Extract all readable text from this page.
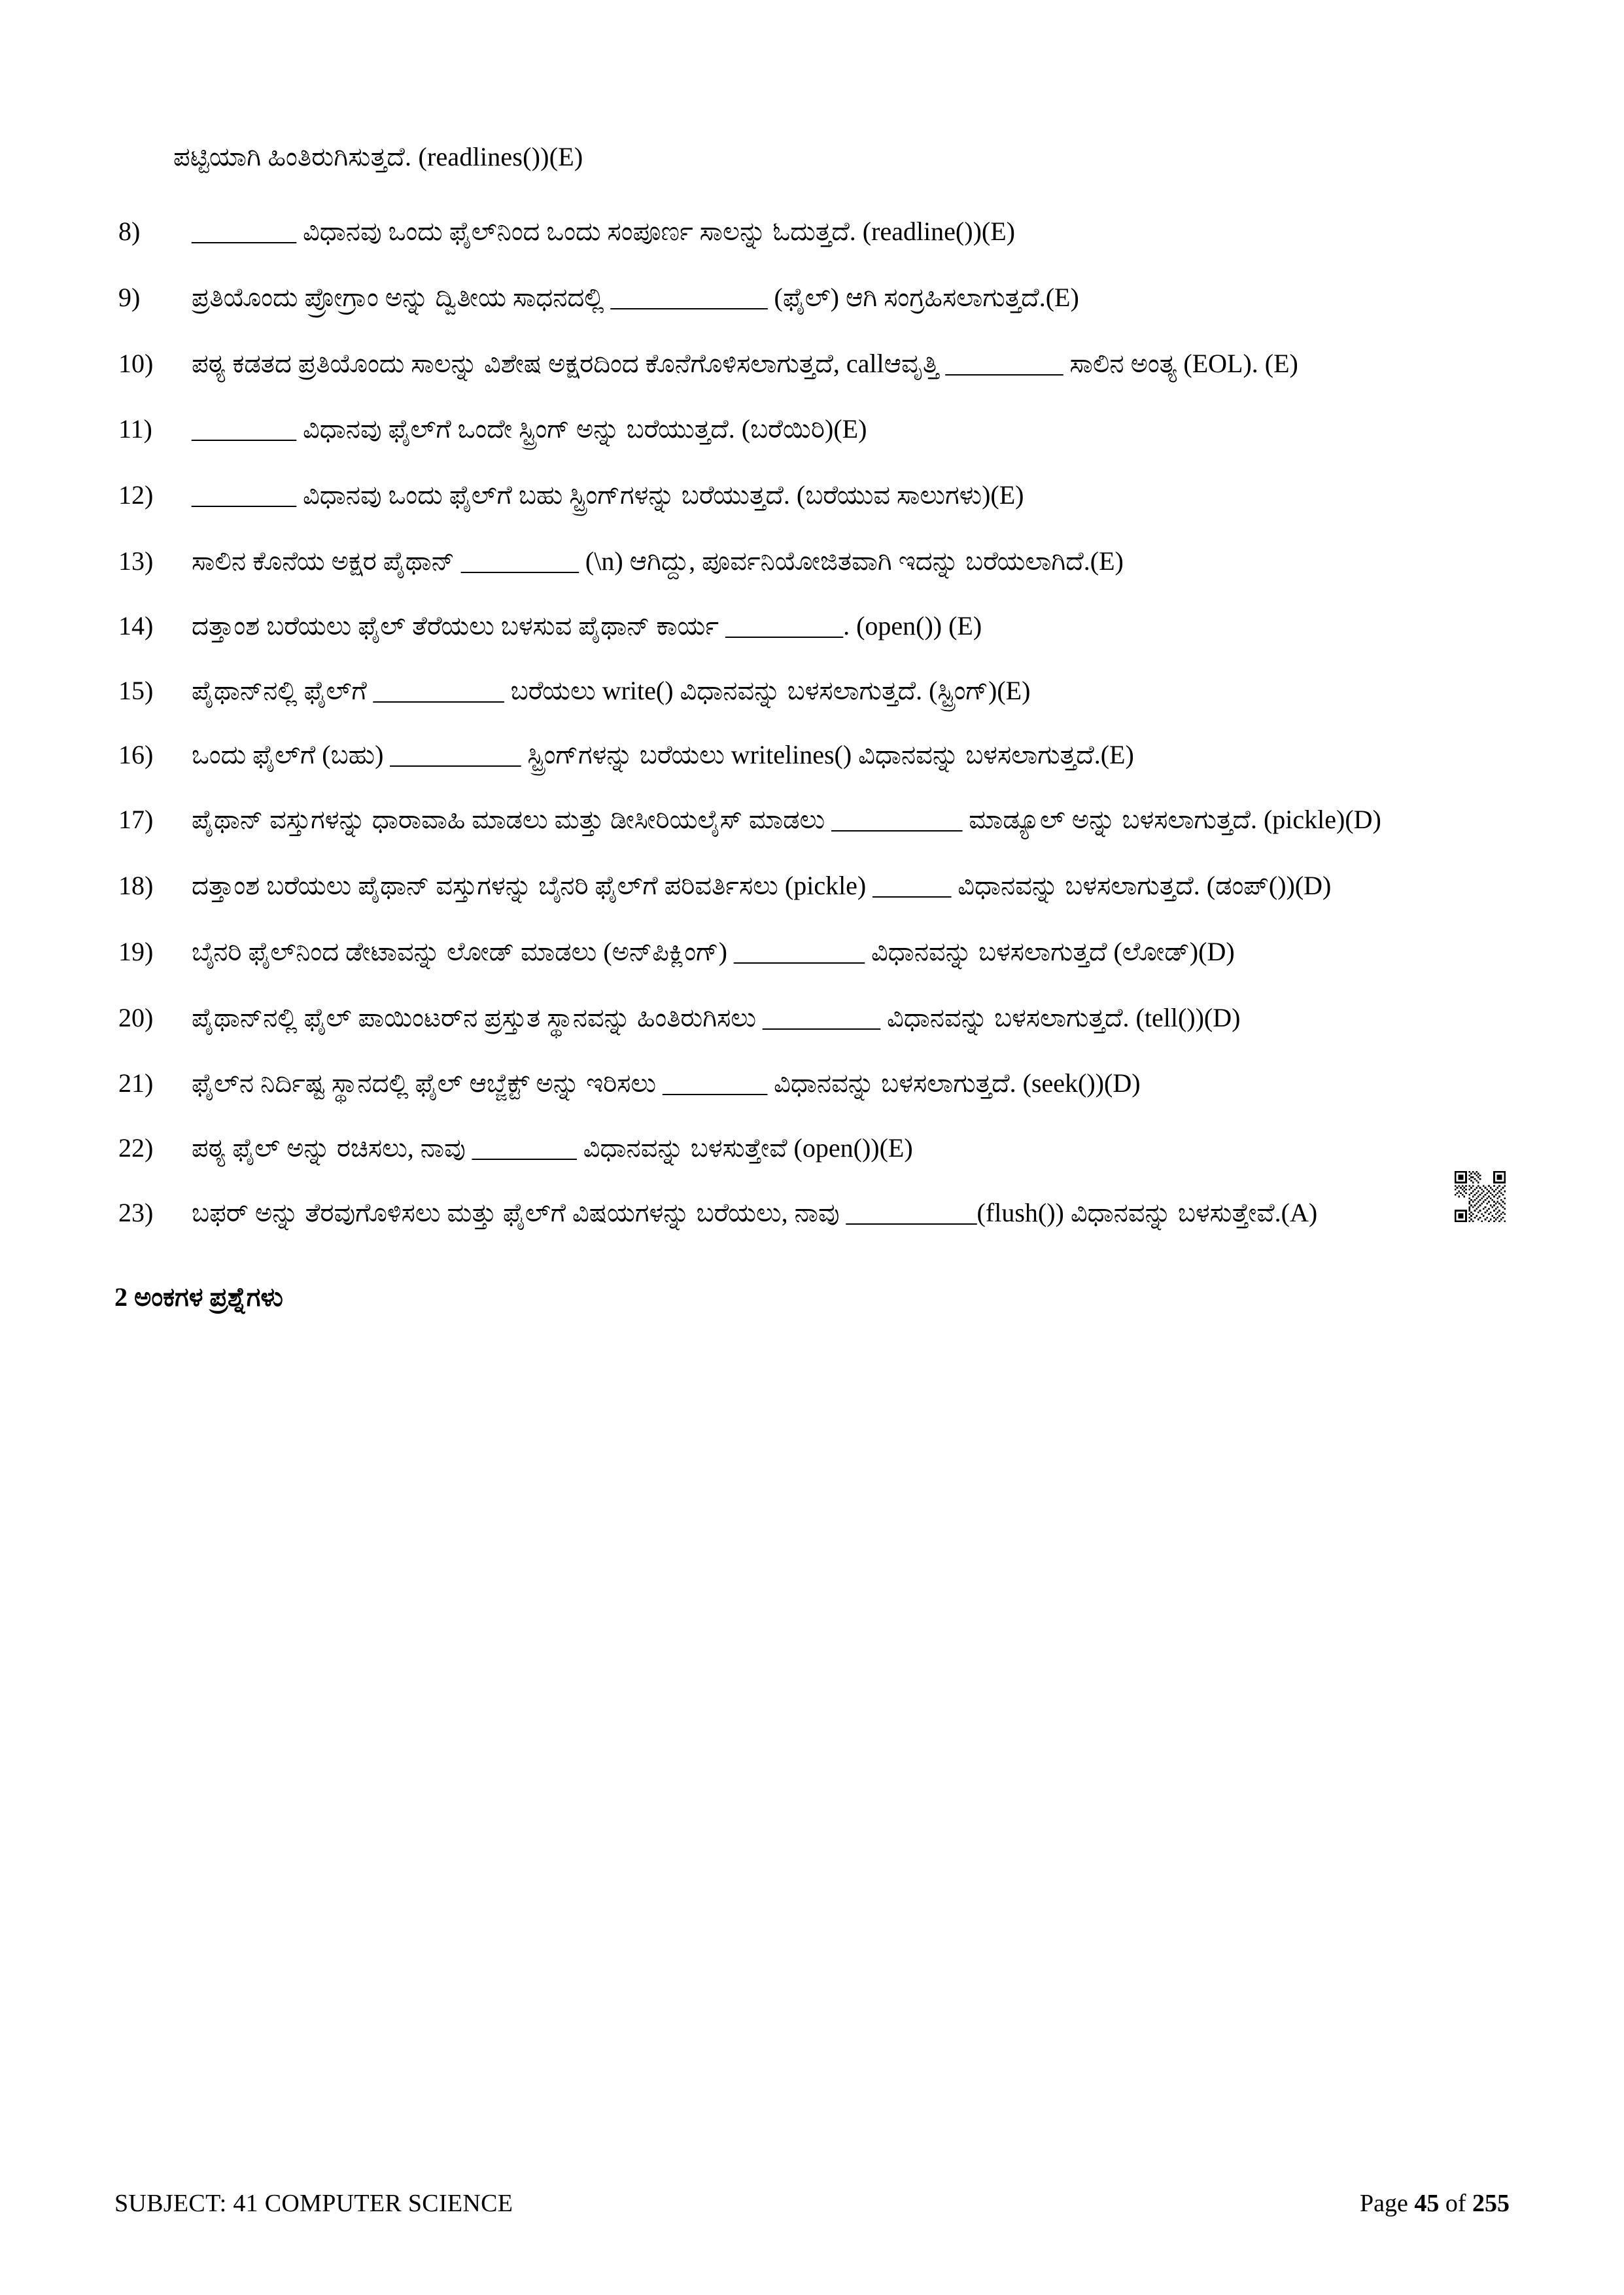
ಪಟ್ಟಿಯಾಗಿ ಹಿಂತಿರುಗಿಸುತ್ತದೆ. (readlines())(E)

8)	________ ವಿಧಾನವು ಒಂದು ಫೈಲ್‌ನಿಂದ ಒಂದು ಸಂಪೂರ್ಣ ಸಾಲನ್ನು ಓದುತ್ತದೆ. (readline())(E)
9)	ಪ್ರತಿಯೊಂದು ಪ್ರೋಗ್ರಾಂ ಅನ್ನು ದ್ವಿತೀಯ ಸಾಧನದಲ್ಲಿ ____________ (ಫೈಲ್) ಆಗಿ ಸಂಗ್ರಹಿಸಲಾಗುತ್ತದೆ.(E)
10)	ಪಠ್ಯ ಕಡತದ ಪ್ರತಿಯೊಂದು ಸಾಲನ್ನು ವಿಶೇಷ ಅಕ್ಷರದಿಂದ ಕೊನೆಗೊಳಿಸಲಾಗುತ್ತದೆ, callಆವೃತ್ತಿ _________ ಸಾಲಿನ ಅಂತ್ಯ (EOL). (E)
11)	________ ವಿಧಾನವು ಫೈಲ್‌ಗೆ ಒಂದೇ ಸ್ಟ್ರಿಂಗ್ ಅನ್ನು ಬರೆಯುತ್ತದೆ. (ಬರೆಯಿರಿ)(E)
12)	________ ವಿಧಾನವು ಒಂದು ಫೈಲ್‌ಗೆ ಬಹು ಸ್ಟ್ರಿಂಗ್‌ಗಳನ್ನು ಬರೆಯುತ್ತದೆ. (ಬರೆಯುವ ಸಾಲುಗಳು)(E)
13)	ಸಾಲಿನ ಕೊನೆಯ ಅಕ್ಷರ ಪೈಥಾನ್ _________ (\n) ಆಗಿದ್ದು, ಪೂರ್ವನಿಯೋಜಿತವಾಗಿ ಇದನ್ನು ಬರೆಯಲಾಗಿದೆ.(E)
14)	ದತ್ತಾಂಶ ಬರೆಯಲು ಫೈಲ್ ತೆರೆಯಲು ಬಳಸುವ ಪೈಥಾನ್ ಕಾರ್ಯ _________. (open()) (E)
15)	ಪೈಥಾನ್‌ನಲ್ಲಿ ಫೈಲ್‌ಗೆ __________ ಬರೆಯಲು write() ವಿಧಾನವನ್ನು ಬಳಸಲಾಗುತ್ತದೆ. (ಸ್ಟ್ರಿಂಗ್)(E)
16)	ಒಂದು ಫೈಲ್‌ಗೆ (ಬಹು) __________ ಸ್ಟ್ರಿಂಗ್‌ಗಳನ್ನು ಬರೆಯಲು writelines() ವಿಧಾನವನ್ನು ಬಳಸಲಾಗುತ್ತದೆ.(E)
17)	ಪೈಥಾನ್ ವಸ್ತುಗಳನ್ನು ಧಾರಾವಾಹಿ ಮಾಡಲು ಮತ್ತು ಡೀಸೀರಿಯಲೈಸ್ ಮಾಡಲು __________ ಮಾಡ್ಯೂಲ್ ಅನ್ನು ಬಳಸಲಾಗುತ್ತದೆ. (pickle)(D)
18)	ದತ್ತಾಂಶ ಬರೆಯಲು ಪೈಥಾನ್ ವಸ್ತುಗಳನ್ನು ಬೈನರಿ ಫೈಲ್‌ಗೆ ಪರಿವರ್ತಿಸಲು (pickle) ______ ವಿಧಾನವನ್ನು ಬಳಸಲಾಗುತ್ತದೆ. (ಡಂಪ್())(D)
19)	ಬೈನರಿ ಫೈಲ್‌ನಿಂದ ಡೇಟಾವನ್ನು ಲೋಡ್ ಮಾಡಲು (ಅನ್‌ಪಿಕ್ಲಿಂಗ್) __________ ವಿಧಾನವನ್ನು ಬಳಸಲಾಗುತ್ತದೆ (ಲೋಡ್)(D)
20)	ಪೈಥಾನ್‌ನಲ್ಲಿ ಫೈಲ್ ಪಾಯಿಂಟರ್‌ನ ಪ್ರಸ್ತುತ ಸ್ಥಾನವನ್ನು ಹಿಂತಿರುಗಿಸಲು _________ ವಿಧಾನವನ್ನು ಬಳಸಲಾಗುತ್ತದೆ. (tell())(D)
21)	ಫೈಲ್‌ನ ನಿರ್ದಿಷ್ಟ ಸ್ಥಾನದಲ್ಲಿ ಫೈಲ್ ಆಬ್ಜೆಕ್ಟ್ ಅನ್ನು ಇರಿಸಲು ________ ವಿಧಾನವನ್ನು ಬಳಸಲಾಗುತ್ತದೆ. (seek())(D)
22)	ಪಠ್ಯ ಫೈಲ್ ಅನ್ನು ರಚಿಸಲು, ನಾವು ________ ವಿಧಾನವನ್ನು ಬಳಸುತ್ತೇವೆ (open())(E)
23)	ಬಫರ್ ಅನ್ನು ತೆರವುಗೊಳಿಸಲು ಮತ್ತು ಫೈಲ್‌ಗೆ ವಿಷಯಗಳನ್ನು ಬರೆಯಲು, ನಾವು __________(flush()) ವಿಧಾನವನ್ನು ಬಳಸುತ್ತೇವೆ.(A)
2 ಅಂಕಗಳ ಪ್ರಶ್ನೆಗಳು
SUBJECT: 41 COMPUTER SCIENCE	Page 45 of 255
